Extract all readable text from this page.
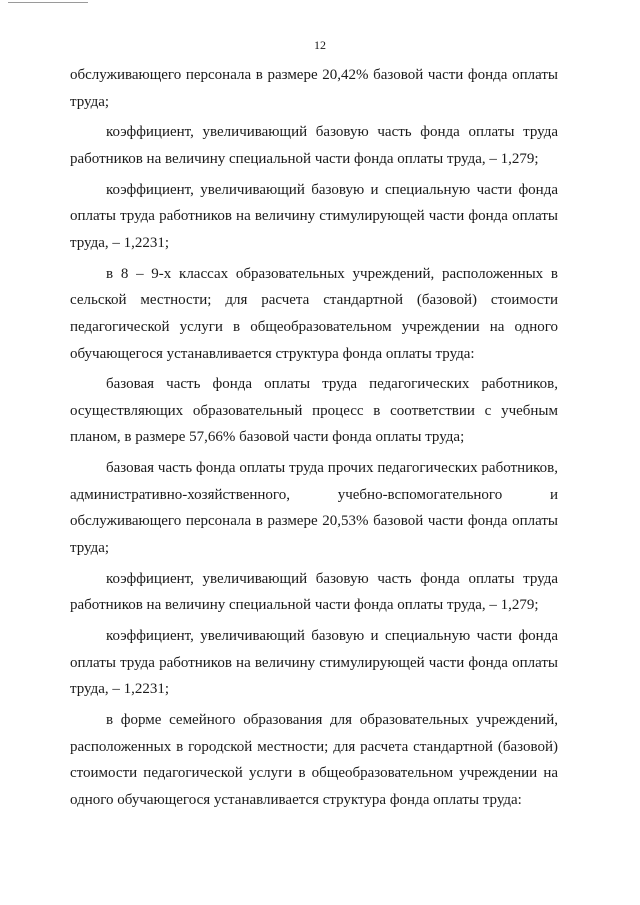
12

обслуживающего персонала в размере 20,42% базовой части фонда оплаты труда;

коэффициент, увеличивающий базовую часть фонда оплаты труда работников на величину специальной части фонда оплаты труда, – 1,279;

коэффициент, увеличивающий базовую и специальную части фонда оплаты труда работников на величину стимулирующей части фонда оплаты труда, – 1,2231;

в 8 – 9-х классах образовательных учреждений, расположенных в сельской местности; для расчета стандартной (базовой) стоимости педагогической услуги в общеобразовательном учреждении на одного обучающегося устанавливается структура фонда оплаты труда:

базовая часть фонда оплаты труда педагогических работников, осуществляющих образовательный процесс в соответствии с учебным планом, в размере 57,66% базовой части фонда оплаты труда;

базовая часть фонда оплаты труда прочих педагогических работников, административно-хозяйственного, учебно-вспомогательного и обслуживающего персонала в размере 20,53% базовой части фонда оплаты труда;

коэффициент, увеличивающий базовую часть фонда оплаты труда работников на величину специальной части фонда оплаты труда, – 1,279;

коэффициент, увеличивающий базовую и специальную части фонда оплаты труда работников на величину стимулирующей части фонда оплаты труда, – 1,2231;

в форме семейного образования для образовательных учреждений, расположенных в городской местности; для расчета стандартной (базовой) стоимости педагогической услуги в общеобразовательном учреждении на одного обучающегося устанавливается структура фонда оплаты труда:
